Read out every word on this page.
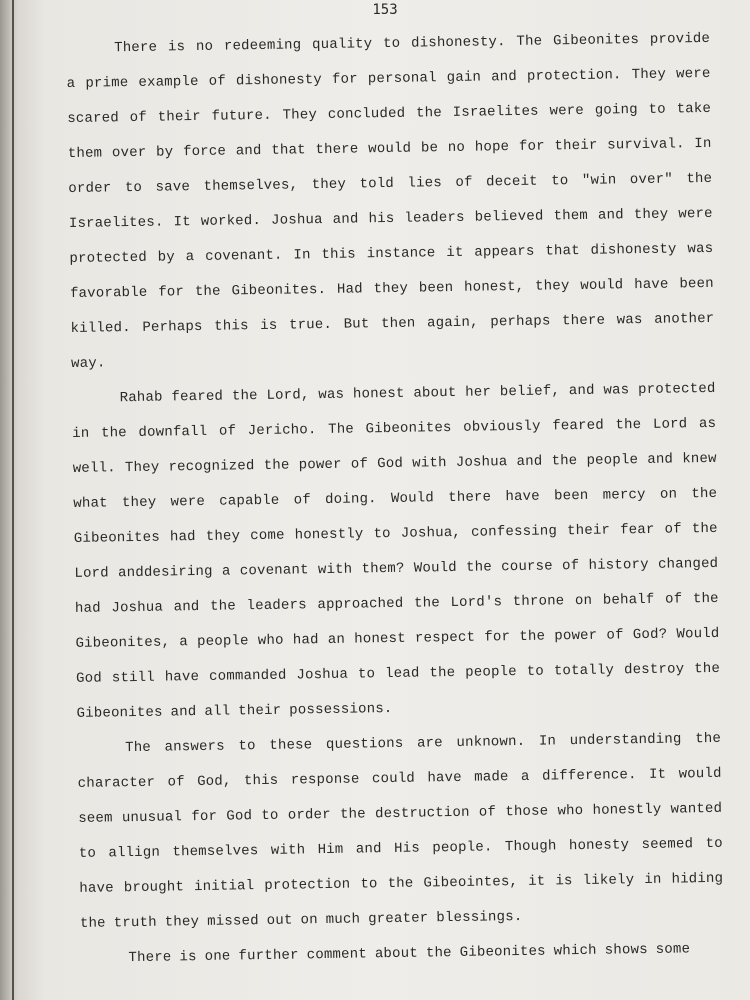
153
There is no redeeming quality to dishonesty. The Gibeonites provide
a prime example of dishonesty for personal gain and protection. They were
scared of their future. They concluded the Israelites were going to take
them over by force and that there would be no hope for their survival. In
order to save themselves, they told lies of deceit to "win over" the
Israelites. It worked. Joshua and his leaders believed them and they were
protected by a covenant. In this instance it appears that dishonesty was
favorable for the Gibeonites. Had they been honest, they would have been
killed. Perhaps this is true. But then again, perhaps there was another
way.
Rahab feared the Lord, was honest about her belief, and was protected
in the downfall of Jericho. The Gibeonites obviously feared the Lord as
well. They recognized the power of God with Joshua and the people and knew
what they were capable of doing. Would there have been mercy on the
Gibeonites had they come honestly to Joshua, confessing their fear of the
Lord anddesiring a covenant with them? Would the course of history changed
had Joshua and the leaders approached the Lord's throne on behalf of the
Gibeonites, a people who had an honest respect for the power of God? Would
God still have commanded Joshua to lead the people to totally destroy the
Gibeonites and all their possessions.
The answers to these questions are unknown. In understanding the
character of God, this response could have made a difference. It would
seem unusual for God to order the destruction of those who honestly wanted
to allign themselves with Him and His people. Though honesty seemed to
have brought initial protection to the Gibeointes, it is likely in hiding
the truth they missed out on much greater blessings.
There is one further comment about the Gibeonites which shows some
